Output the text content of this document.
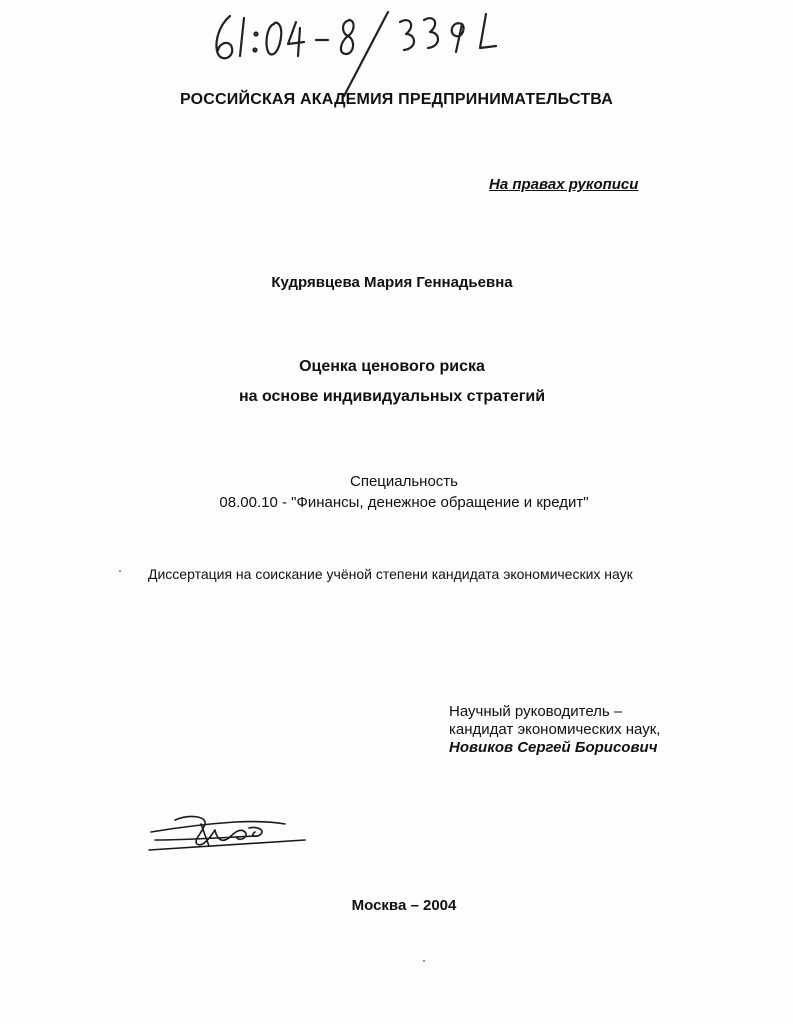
РОССИЙСКАЯ АКАДЕМИЯ ПРЕДПРИНИМАТЕЛЬСТВА
На правах рукописи
Кудрявцева Мария Геннадьевна
Оценка ценового риска
на основе индивидуальных стратегий
Специальность
08.00.10 - "Финансы, денежное обращение и кредит"
Диссертация на соискание учёной степени кандидата экономических наук
Научный руководитель –
кандидат экономических наук,
Новиков Сергей Борисович
Москва – 2004
